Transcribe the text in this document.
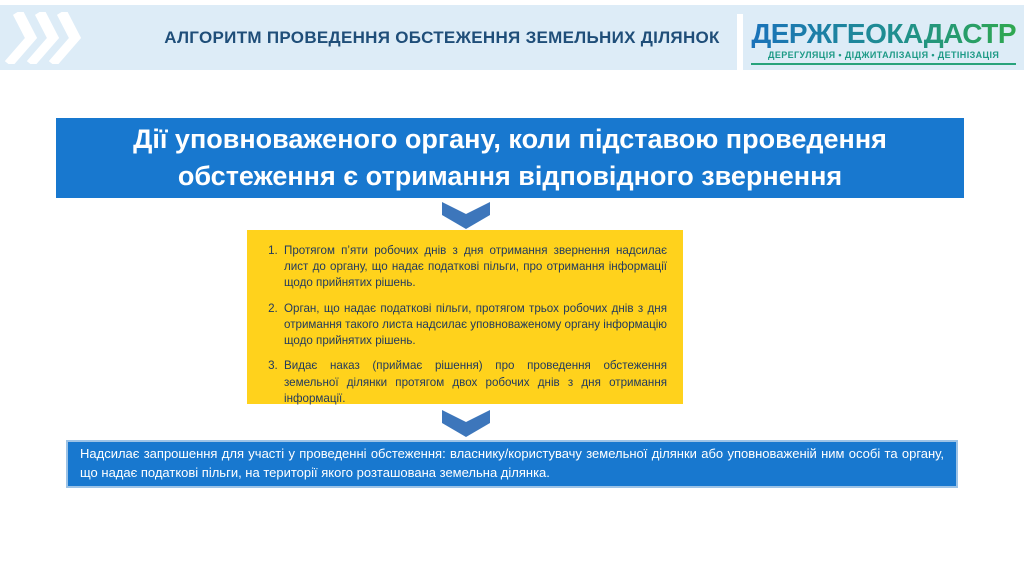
АЛГОРИТМ ПРОВЕДЕННЯ ОБСТЕЖЕННЯ ЗЕМЕЛЬНИХ ДІЛЯНОК	ДЕРЖГЕОКАДАСТР
ДЕРЕГУЛЯЦІЯ • ДІДЖИТАЛІЗАЦІЯ • ДЕТІНІЗАЦІЯ
Дії уповноваженого органу, коли підставою проведення обстеження є отримання відповідного звернення
1. Протягом п’яти робочих днів з дня отримання звернення надсилає лист до органу, що надає податкові пільги, про отримання інформації щодо прийнятих рішень.
2. Орган, що надає податкові пільги, протягом трьох робочих днів з дня отримання такого листа надсилає уповноваженому органу інформацію щодо прийнятих рішень.
3. Видає наказ (приймає рішення) про проведення обстеження земельної ділянки протягом двох робочих днів з дня отримання інформації.
Надсилає запрошення для участі у проведенні обстеження: власнику/користувачу земельної ділянки або уповноваженій ним особі та органу, що надає податкові пільги, на території якого розташована земельна ділянка.
